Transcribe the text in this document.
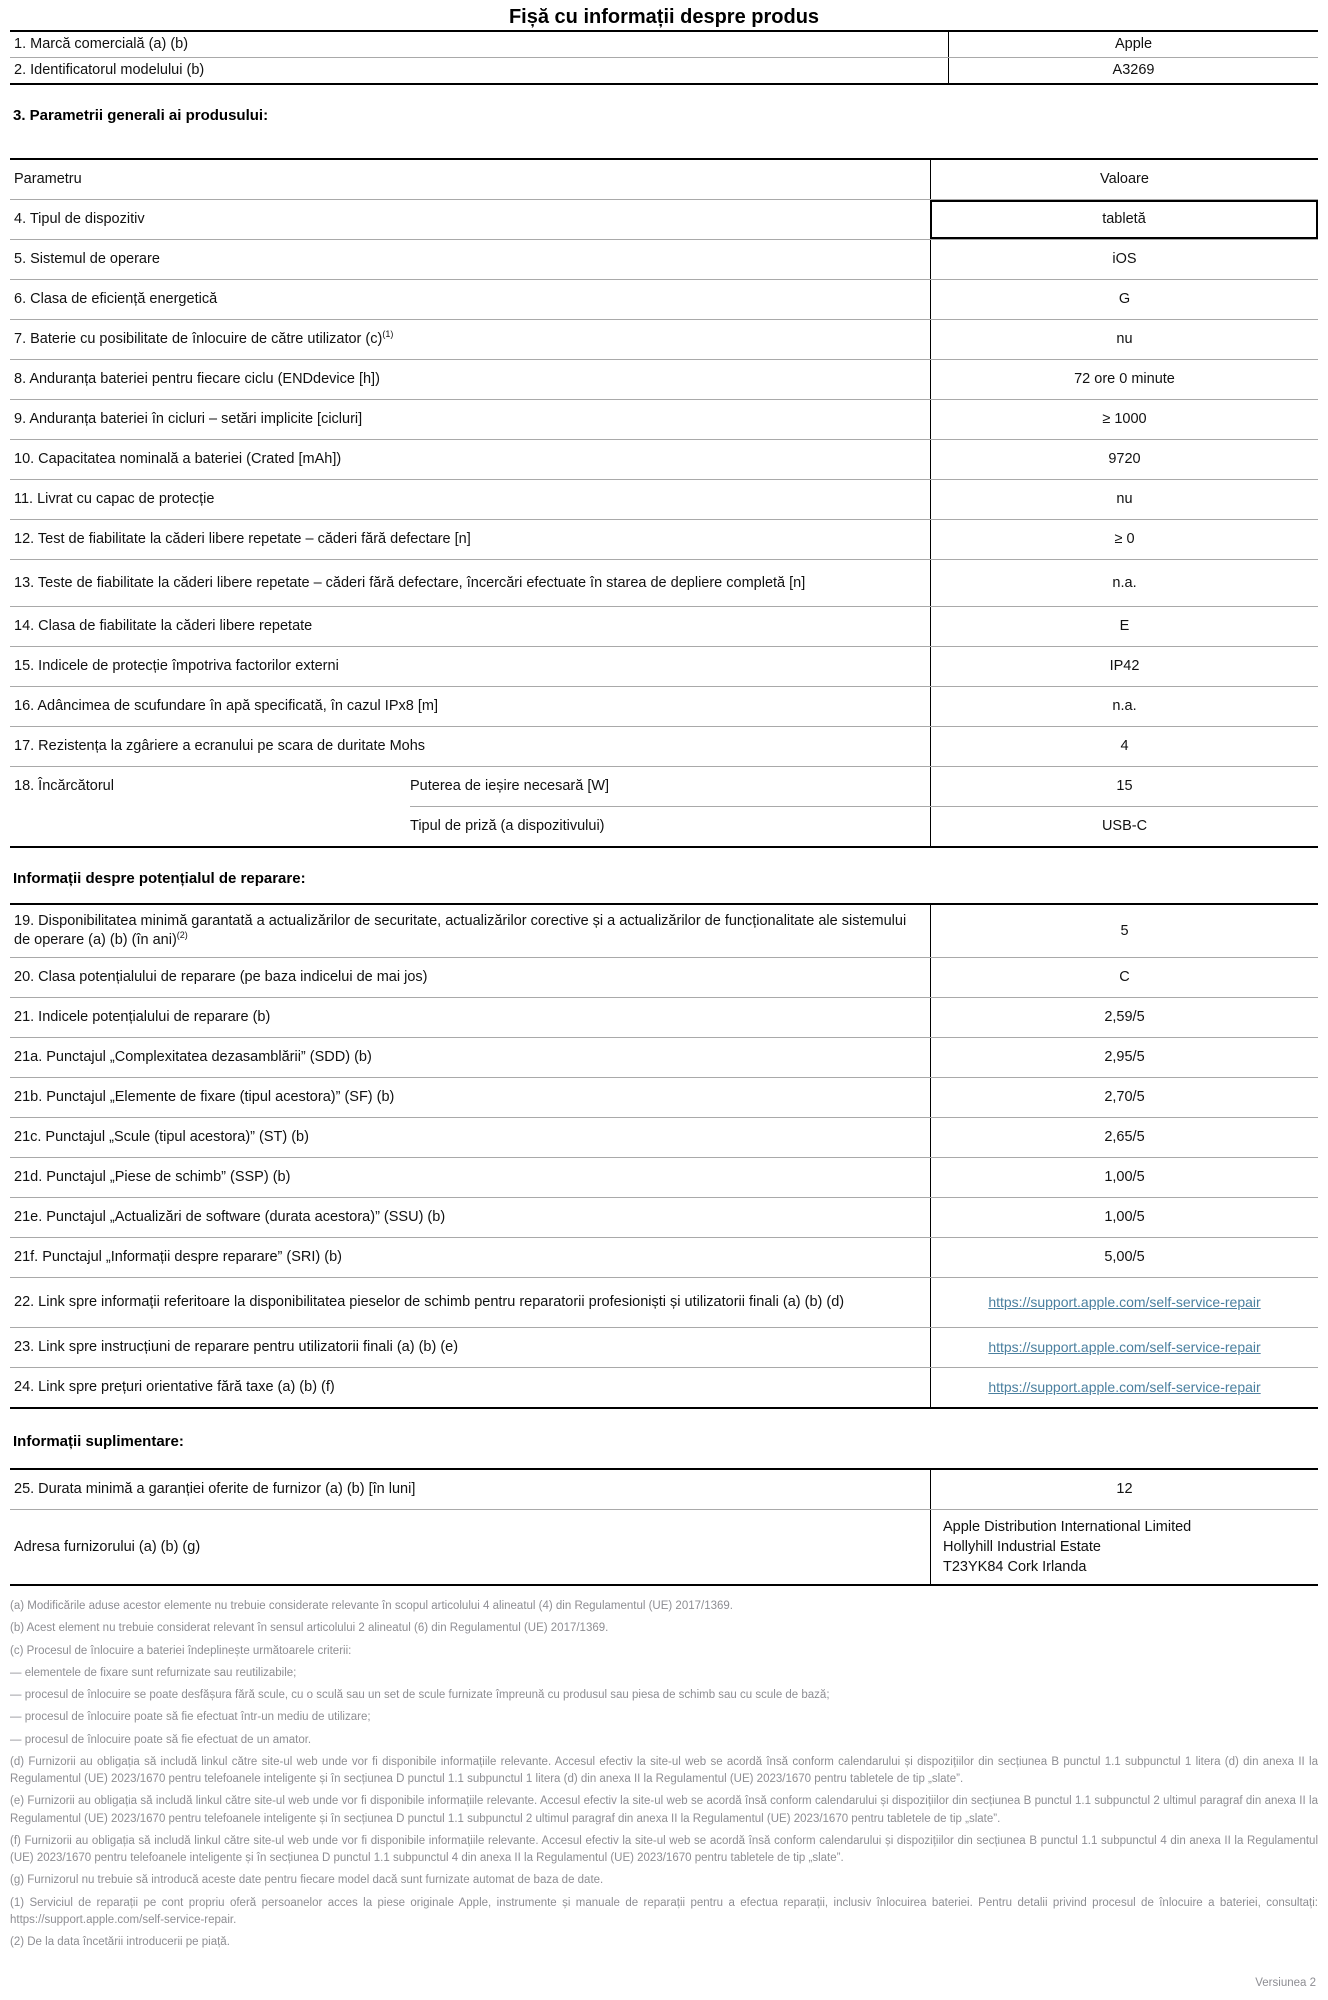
Fișă cu informații despre produs
1. Marcă comercială (a) (b)	Apple
2. Identificatorul modelului (b)	A3269
3. Parametrii generali ai produsului:
Parametru	Valoare
4. Tipul de dispozitiv	tabletă
5. Sistemul de operare	iOS
6. Clasa de eficiență energetică	G
7. Baterie cu posibilitate de înlocuire de către utilizator $(c)^{(1)}$	nu
8. Anduranța bateriei pentru fiecare ciclu (ENDdevice [h])	72 ore 0 minute
9. Anduranța bateriei în cicluri – setări implicite [cicluri]	≥ 1000
10. Capacitatea nominală a bateriei (Crated [mAh])	9720
11. Livrat cu capac de protecție	nu
12. Test de fiabilitate la căderi libere repetate – căderi fără defectare [n]	≥ 0
13. Teste de fiabilitate la căderi libere repetate – căderi fără defectare, încercări efectuate în starea de depliere completă [n]	n.a.
14. Clasa de fiabilitate la căderi libere repetate	E
15. Indicele de protecție împotriva factorilor externi	IP42
16. Adâncimea de scufundare în apă specificată, în cazul IPx8 [m]	n.a.
17. Rezistența la zgâriere a ecranului pe scara de duritate Mohs	4
18. Încărcătorul	Puterea de ieșire necesară [W]	15
Tipul de priză (a dispozitivului)	USB-C
Informații despre potențialul de reparare:
19. Disponibilitatea minimă garantată a actualizărilor de securitate, actualizărilor corective și a actualizărilor de funcționalitate ale sistemului de operare (a) (b) (în ani)$^{(2)}$	5
20. Clasa potențialului de reparare (pe baza indicelui de mai jos)	C
21. Indicele potențialului de reparare (b)	2,59/5
21a. Punctajul „Complexitatea dezasamblării” (SDD) (b)	2,95/5
21b. Punctajul „Elemente de fixare (tipul acestora)” (SF) (b)	2,70/5
21c. Punctajul „Scule (tipul acestora)” (ST) (b)	2,65/5
21d. Punctajul „Piese de schimb” (SSP) (b)	1,00/5
21e. Punctajul „Actualizări de software (durata acestora)” (SSU) (b)	1,00/5
21f. Punctajul „Informații despre reparare” (SRI) (b)	5,00/5
22. Link spre informații referitoare la disponibilitatea pieselor de schimb pentru reparatorii profesioniști și utilizatorii finali (a) (b) (d)	https://support.apple.com/self-service-repair
23. Link spre instrucțiuni de reparare pentru utilizatorii finali (a) (b) (e)	https://support.apple.com/self-service-repair
24. Link spre prețuri orientative fără taxe (a) (b) (f)	https://support.apple.com/self-service-repair
Informații suplimentare:
25. Durata minimă a garanției oferite de furnizor (a) (b) [în luni]	12
Adresa furnizorului (a) (b) (g)
Apple Distribution International Limited
Hollyhill Industrial Estate
T23YK84 Cork Irlanda

(a) Modificările aduse acestor elemente nu trebuie considerate relevante în scopul articolului 4 alineatul (4) din Regulamentul (UE) 2017/1369.

(b) Acest element nu trebuie considerat relevant în sensul articolului 2 alineatul (6) din Regulamentul (UE) 2017/1369.

(c) Procesul de înlocuire a bateriei îndeplinește următoarele criterii:

— elementele de fixare sunt refurnizate sau reutilizabile;

— procesul de înlocuire se poate desfășura fără scule, cu o sculă sau un set de scule furnizate împreună cu produsul sau piesa de schimb sau cu scule de bază;

— procesul de înlocuire poate să fie efectuat într-un mediu de utilizare;

— procesul de înlocuire poate să fie efectuat de un amator.

(d) Furnizorii au obligația să includă linkul către site-ul web unde vor fi disponibile informațiile relevante. Accesul efectiv la site-ul web se acordă însă conform calendarului și dispozițiilor din secțiunea B punctul 1.1 subpunctul 1 litera (d) din anexa II la Regulamentul (UE) 2023/1670 pentru telefoanele inteligente și în secțiunea D punctul 1.1 subpunctul 1 litera (d) din anexa II la Regulamentul (UE) 2023/1670 pentru tabletele de tip „slate”.

(e) Furnizorii au obligația să includă linkul către site-ul web unde vor fi disponibile informațiile relevante. Accesul efectiv la site-ul web se acordă însă conform calendarului și dispozițiilor din secțiunea B punctul 1.1 subpunctul 2 ultimul paragraf din anexa II la Regulamentul (UE) 2023/1670 pentru telefoanele inteligente și în secțiunea D punctul 1.1 subpunctul 2 ultimul paragraf din anexa II la Regulamentul (UE) 2023/1670 pentru tabletele de tip „slate”.

(f) Furnizorii au obligația să includă linkul către site-ul web unde vor fi disponibile informațiile relevante. Accesul efectiv la site-ul web se acordă însă conform calendarului și dispozițiilor din secțiunea B punctul 1.1 subpunctul 4 din anexa II la Regulamentul (UE) 2023/1670 pentru telefoanele inteligente și în secțiunea D punctul 1.1 subpunctul 4 din anexa II la Regulamentul (UE) 2023/1670 pentru tabletele de tip „slate”.

(g) Furnizorul nu trebuie să introducă aceste date pentru fiecare model dacă sunt furnizate automat de baza de date.

(1) Serviciul de reparații pe cont propriu oferă persoanelor acces la piese originale Apple, instrumente și manuale de reparații pentru a efectua reparații, inclusiv înlocuirea bateriei. Pentru detalii privind procesul de înlocuire a bateriei, consultați: https://support.apple.com/self-service-repair.

(2) De la data încetării introducerii pe piață.

Versiunea 2
